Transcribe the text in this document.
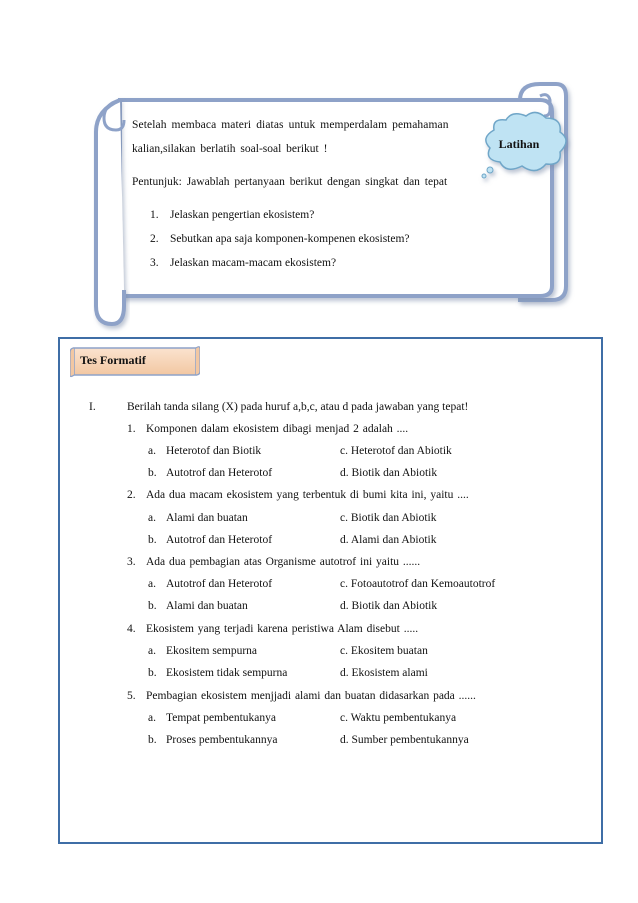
Setelah membaca materi diatas untuk memperdalam pemahaman
kalian,silakan berlatih soal-soal berikut !
Pentunjuk: Jawablah pertanyaan berikut dengan singkat dan tepat
Latihan
1. Jelaskan pengertian ekosistem?
2. Sebutkan apa saja komponen-kompenen ekosistem?
3. Jelaskan macam-macam ekosistem?
Tes Formatif
I.	Berilah tanda silang (X) pada huruf a,b,c, atau d pada jawaban yang tepat!
1. Komponen dalam ekosistem dibagi menjad 2 adalah ....
a. Heterotof dan Biotik	c. Heterotof dan Abiotik
b. Autotrof dan Heterotof	d. Biotik dan Abiotik
2. Ada dua macam ekosistem yang terbentuk di bumi kita ini, yaitu ....
a. Alami dan buatan	c. Biotik dan Abiotik
b. Autotrof dan Heterotof	d. Alami dan Abiotik
3. Ada dua pembagian atas Organisme autotrof ini yaitu ......
a. Autotrof dan Heterotof	c. Fotoautotrof dan Kemoautotrof
b. Alami dan buatan	d. Biotik dan Abiotik
4. Ekosistem yang terjadi karena peristiwa Alam disebut .....
a. Ekositem sempurna	c. Ekositem buatan
b. Ekosistem tidak sempurna	d. Ekosistem alami
5. Pembagian ekosistem menjjadi alami dan buatan didasarkan pada ......
a. Tempat pembentukanya	c. Waktu pembentukanya
b. Proses pembentukannya	d. Sumber pembentukannya
